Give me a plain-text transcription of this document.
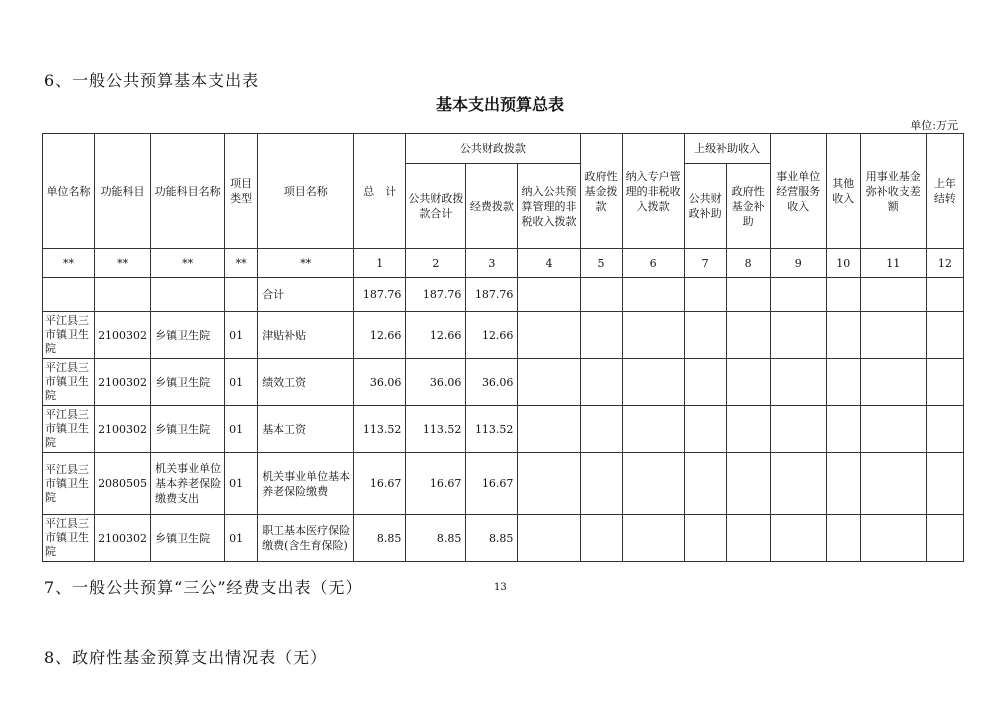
6、一般公共预算基本支出表
基本支出预算总表
单位:万元
单位名称	功能科目	功能科目名称	项目类型	项目名称	总　计	公共财政拨款			政府性基金拨款	纳入专户管理的非税收入拨款	上级补助收入		事业单位经营服务收入	其他收入	用事业基金弥补收支差额	上年结转
						公共财政拨款合计	经费拨款	纳入公共预算管理的非税收入拨款			公共财政补助	政府性基金补助				
**	**	**	**	**	1	2	3	4	5	6	7	8	9	10	11	12
				合计	187.76	187.76	187.76									
平江县三市镇卫生院	2100302	乡镇卫生院	01	津贴补贴	12.66	12.66	12.66									
平江县三市镇卫生院	2100302	乡镇卫生院	01	绩效工资	36.06	36.06	36.06									
平江县三市镇卫生院	2100302	乡镇卫生院	01	基本工资	113.52	113.52	113.52									
平江县三市镇卫生院	2080505	机关事业单位基本养老保险缴费支出	01	机关事业单位基本养老保险缴费	16.67	16.67	16.67									
平江县三市镇卫生院	2100302	乡镇卫生院	01	职工基本医疗保险缴费(含生育保险)	8.85	8.85	8.85									
7、一般公共预算“三公”经费支出表（无）	13
8、政府性基金预算支出情况表（无）
